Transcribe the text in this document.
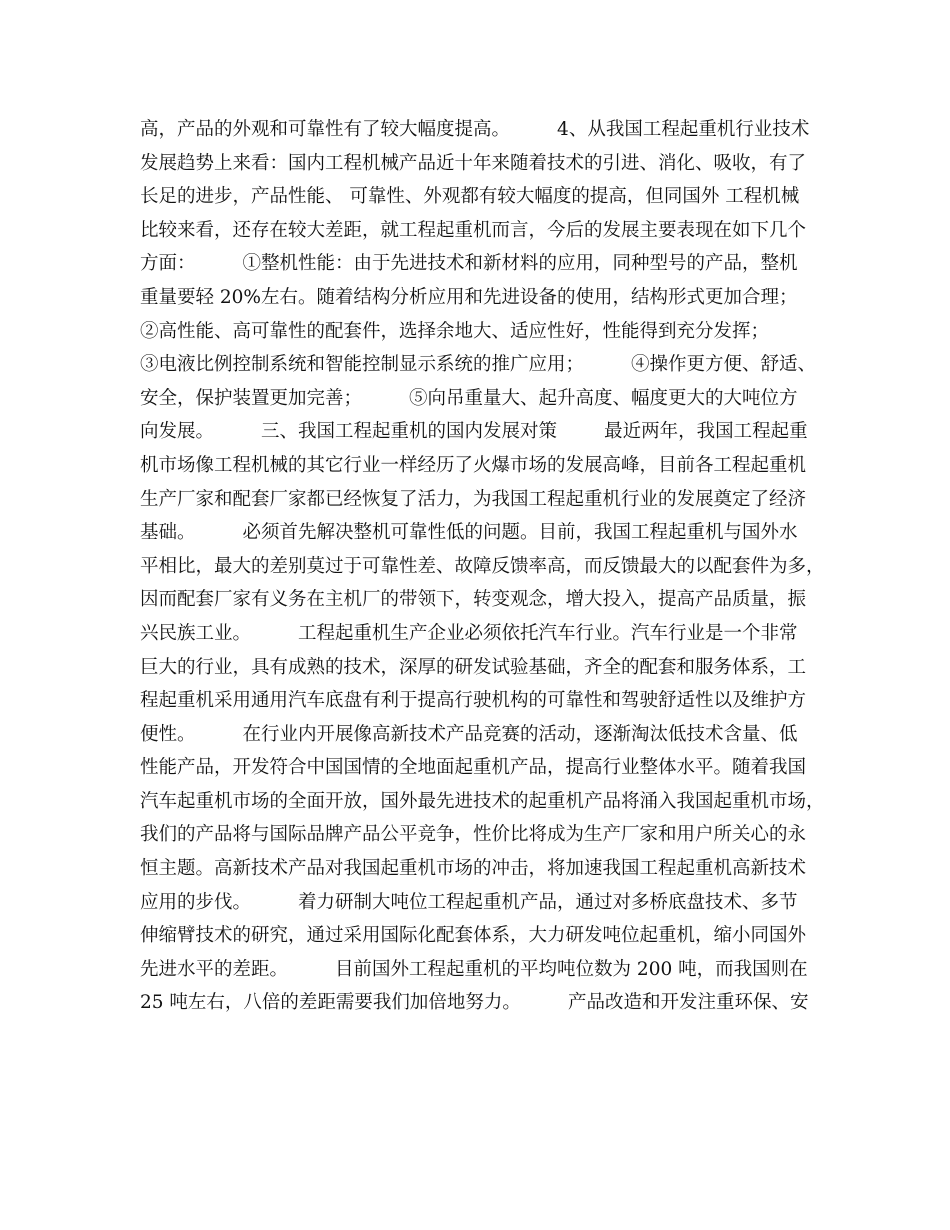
高，产品的外观和可靠性有了较大幅度提高。        4、从我国工程起重机行业技术
发展趋势上来看：国内工程机械产品近十年来随着技术的引进、消化、吸收，有了
长足的进步，产品性能、 可靠性、外观都有较大幅度的提高，但同国外 工程机械
比较来看，还存在较大差距，就工程起重机而言，今后的发展主要表现在如下几个
方面：        ①整机性能：由于先进技术和新材料的应用，同种型号的产品，整机
重量要轻 20%左右。随着结构分析应用和先进设备的使用，结构形式更加合理；
②高性能、高可靠性的配套件，选择余地大、适应性好，性能得到充分发挥；
③电液比例控制系统和智能控制显示系统的推广应用；        ④操作更方便、舒适、
安全，保护装置更加完善；        ⑤向吊重量大、起升高度、幅度更大的大吨位方
向发展。        三、我国工程起重机的国内发展对策        最近两年，我国工程起重
机市场像工程机械的其它行业一样经历了火爆市场的发展高峰，目前各工程起重机
生产厂家和配套厂家都已经恢复了活力，为我国工程起重机行业的发展奠定了经济
基础。        必须首先解决整机可靠性低的问题。目前，我国工程起重机与国外水
平相比，最大的差别莫过于可靠性差、故障反馈率高，而反馈最大的以配套件为多，
因而配套厂家有义务在主机厂的带领下，转变观念，增大投入，提高产品质量，振
兴民族工业。        工程起重机生产企业必须依托汽车行业。汽车行业是一个非常
巨大的行业，具有成熟的技术，深厚的研发试验基础，齐全的配套和服务体系，工
程起重机采用通用汽车底盘有利于提高行驶机构的可靠性和驾驶舒适性以及维护方
便性。        在行业内开展像高新技术产品竞赛的活动，逐渐淘汰低技术含量、低
性能产品，开发符合中国国情的全地面起重机产品，提高行业整体水平。随着我国
汽车起重机市场的全面开放，国外最先进技术的起重机产品将涌入我国起重机市场，
我们的产品将与国际品牌产品公平竞争，性价比将成为生产厂家和用户所关心的永
恒主题。高新技术产品对我国起重机市场的冲击，将加速我国工程起重机高新技术
应用的步伐。        着力研制大吨位工程起重机产品，通过对多桥底盘技术、多节
伸缩臂技术的研究，通过采用国际化配套体系，大力研发吨位起重机，缩小同国外
先进水平的差距。        目前国外工程起重机的平均吨位数为 200 吨，而我国则在
25 吨左右，八倍的差距需要我们加倍地努力。        产品改造和开发注重环保、安
